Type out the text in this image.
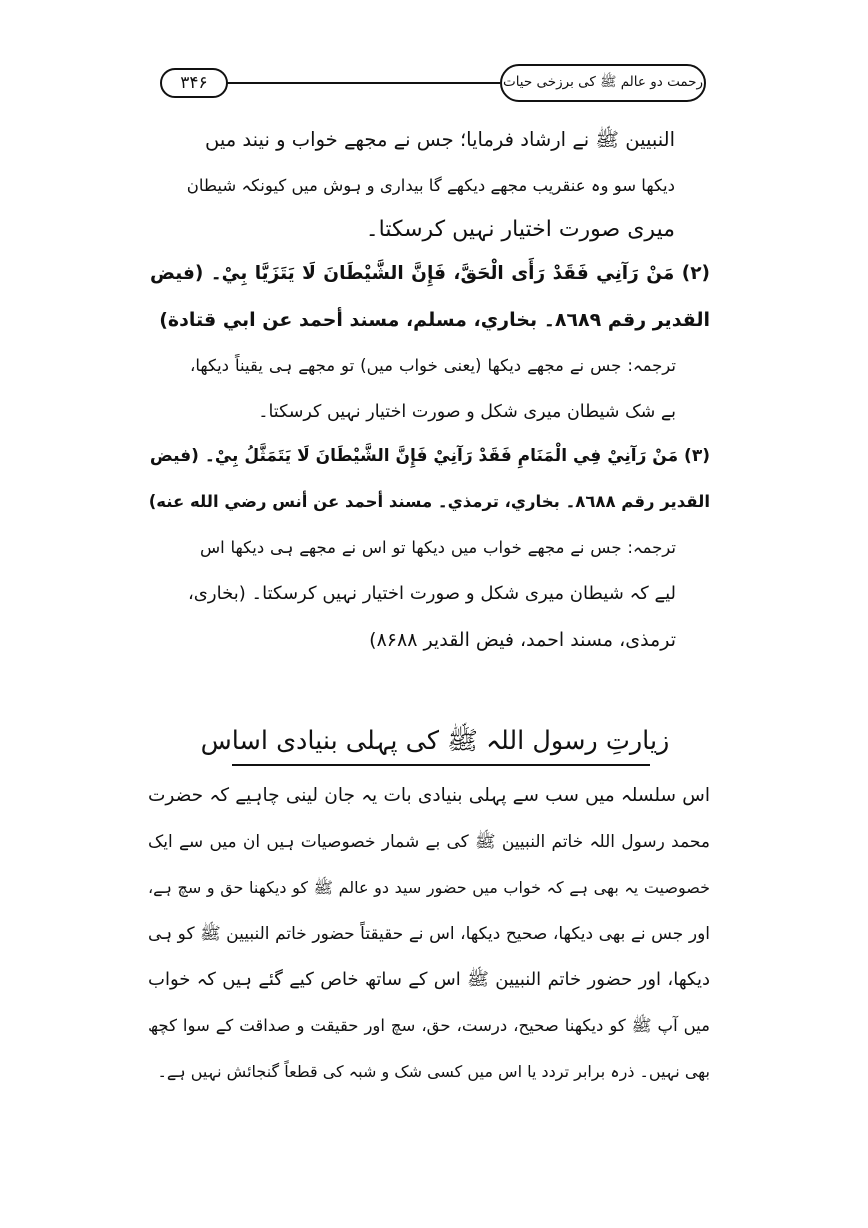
رحمت دو عالم ﷺ کی برزخی حیات
۳۴۶
النبیین ﷺ نے ارشاد فرمایا؛ جس نے مجھے خواب و نیند میں
دیکھا سو وہ عنقریب مجھے دیکھے گا بیداری و ہوش میں کیونکہ شیطان
میری صورت اختیار نہیں کرسکتا۔
(۲) مَنْ رَآنِي فَقَدْ رَأَى الْحَقَّ، فَإِنَّ الشَّيْطَانَ لَا يَتَزَيَّا بِيْ۔ (فیض
القدير رقم ٨٦٨٩۔ بخاري، مسلم، مسند أحمد عن ابي قتادة)
ترجمہ: جس نے مجھے دیکھا (یعنی خواب میں) تو مجھے ہی یقیناً دیکھا،
بے شک شیطان میری شکل و صورت اختیار نہیں کرسکتا۔
(۳) مَنْ رَآنِيْ فِي الْمَنَامِ فَقَدْ رَآنِيْ فَإِنَّ الشَّيْطَانَ لَا يَتَمَثَّلُ بِيْ۔ (فیض
القدير رقم ٨٦٨٨۔ بخاري، ترمذي۔ مسند أحمد عن أنس رضي الله عنه)
ترجمہ: جس نے مجھے خواب میں دیکھا تو اس نے مجھے ہی دیکھا اس
لیے کہ شیطان میری شکل و صورت اختیار نہیں کرسکتا۔ (بخاری،
ترمذی، مسند احمد، فیض القدیر ۸۶۸۸)
زیارتِ رسول اللہ ﷺ کی پہلی بنیادی اساس
اس سلسلہ میں سب سے پہلی بنیادی بات یہ جان لینی چاہیے کہ حضرت
محمد رسول اللہ خاتم النبیین ﷺ کی بے شمار خصوصیات ہیں ان میں سے ایک
خصوصیت یہ بھی ہے کہ خواب میں حضور سید دو عالم ﷺ کو دیکھنا حق و سچ ہے،
اور جس نے بھی دیکھا، صحیح دیکھا، اس نے حقیقتاً حضور خاتم النبیین ﷺ کو ہی
دیکھا، اور حضور خاتم النبیین ﷺ اس کے ساتھ خاص کیے گئے ہیں کہ خواب
میں آپ ﷺ کو دیکھنا صحیح، درست، حق، سچ اور حقیقت و صداقت کے سوا کچھ
بھی نہیں۔ ذرہ برابر تردد یا اس میں کسی شک و شبہ کی قطعاً گنجائش نہیں ہے۔
